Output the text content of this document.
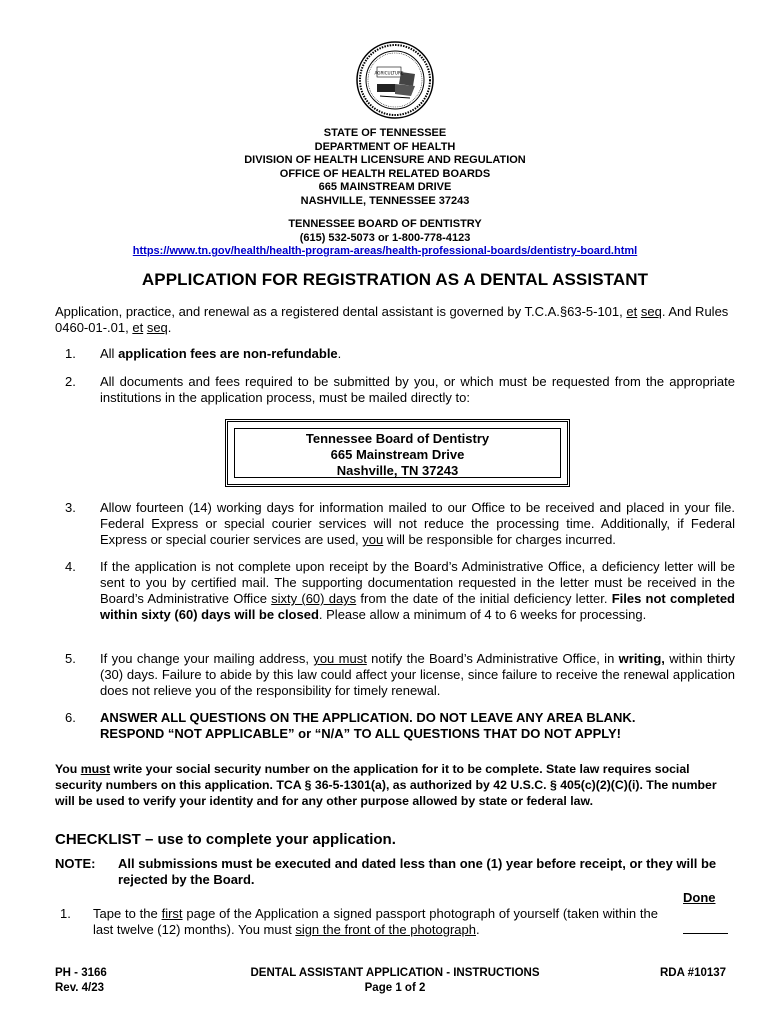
AGRICULTURE
STATE OF TENNESSEE
DEPARTMENT OF HEALTH
DIVISION OF HEALTH LICENSURE AND REGULATION
OFFICE OF HEALTH RELATED BOARDS
665 MAINSTREAM DRIVE
NASHVILLE, TENNESSEE 37243
TENNESSEE BOARD OF DENTISTRY
(615) 532-5073 or 1-800-778-4123
https://www.tn.gov/health/health-program-areas/health-professional-boards/dentistry-board.html
APPLICATION FOR REGISTRATION AS A DENTAL ASSISTANT
Application, practice, and renewal as a registered dental assistant is governed by T.C.A.§63-5-101, et seq. And Rules 0460-01-.01, et seq.
1. All application fees are non-refundable.
2. All documents and fees required to be submitted by you, or which must be requested from the appropriate institutions in the application process, must be mailed directly to:
Tennessee Board of Dentistry
665 Mainstream Drive
Nashville, TN 37243
3. Allow fourteen (14) working days for information mailed to our Office to be received and placed in your file. Federal Express or special courier services will not reduce the processing time. Additionally, if Federal Express or special courier services are used, you will be responsible for charges incurred.
4. If the application is not complete upon receipt by the Board’s Administrative Office, a deficiency letter will be sent to you by certified mail. The supporting documentation requested in the letter must be received in the Board’s Administrative Office sixty (60) days from the date of the initial deficiency letter. Files not completed within sixty (60) days will be closed. Please allow a minimum of 4 to 6 weeks for processing.
5. If you change your mailing address, you must notify the Board’s Administrative Office, in writing, within thirty (30) days. Failure to abide by this law could affect your license, since failure to receive the renewal application does not relieve you of the responsibility for timely renewal.
6. ANSWER ALL QUESTIONS ON THE APPLICATION. DO NOT LEAVE ANY AREA BLANK.
RESPOND “NOT APPLICABLE” or “N/A” TO ALL QUESTIONS THAT DO NOT APPLY!
You must write your social security number on the application for it to be complete. State law requires social security numbers on this application. TCA § 36-5-1301(a), as authorized by 42 U.S.C. § 405(c)(2)(C)(i). The number will be used to verify your identity and for any other purpose allowed by state or federal law.
CHECKLIST – use to complete your application.
NOTE: All submissions must be executed and dated less than one (1) year before receipt, or they will be rejected by the Board.
Done
1. Tape to the first page of the Application a signed passport photograph of yourself (taken within the last twelve (12) months). You must sign the front of the photograph.
PH - 3166
Rev. 4/23
DENTAL ASSISTANT APPLICATION - INSTRUCTIONS
Page 1 of 2
RDA #10137
